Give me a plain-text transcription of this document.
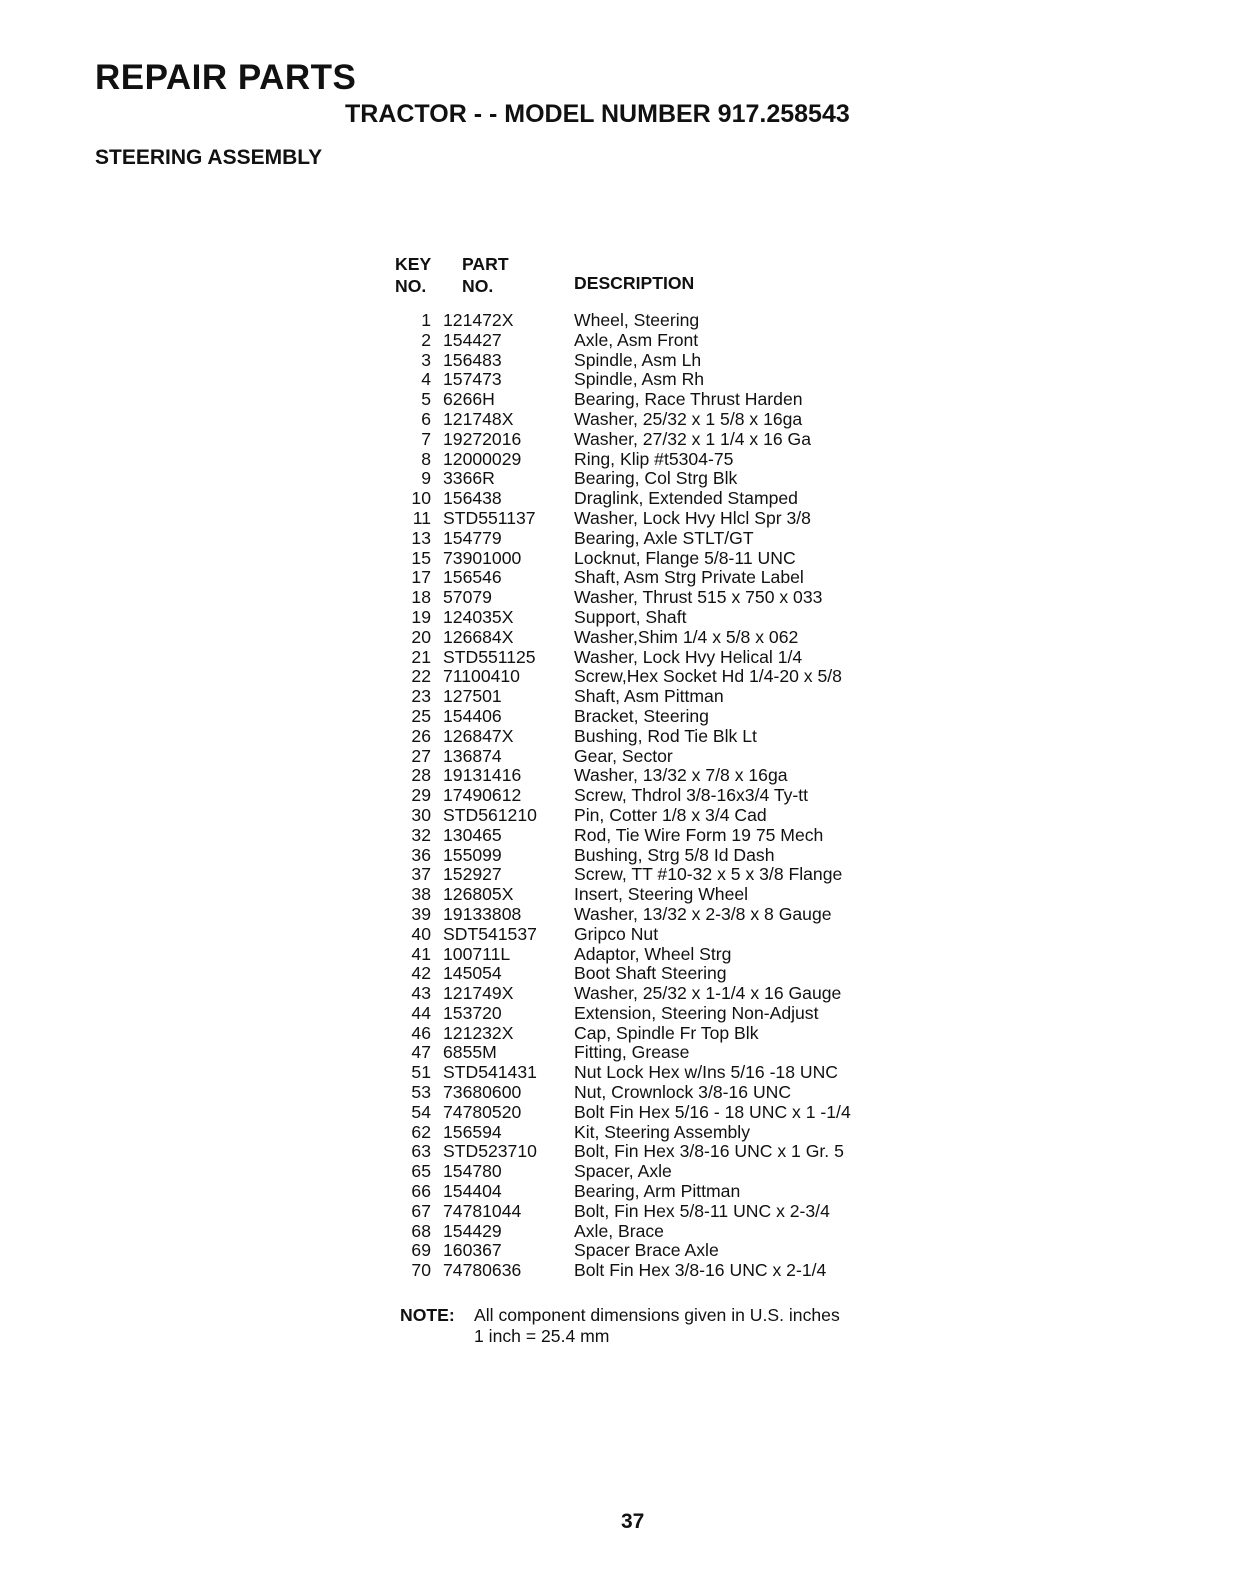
REPAIR PARTS
TRACTOR - - MODEL NUMBER 917.258543
STEERING ASSEMBLY
KEY
NO.
PART
NO.	DESCRIPTION
1 121472X	Wheel, Steering
2 154427	Axle, Asm Front
3 156483	Spindle, Asm Lh
4 157473	Spindle, Asm Rh
5 6266H	Bearing, Race Thrust Harden
6 121748X	Washer, 25/32 x 1 5/8 x 16ga
7 19272016	Washer, 27/32 x 1 1/4 x 16 Ga
8 12000029	Ring, Klip #t5304-75
9 3366R	Bearing, Col Strg Blk
10 156438	Draglink, Extended Stamped
11 STD551137	Washer, Lock Hvy Hlcl Spr 3/8
13 154779	Bearing, Axle STLT/GT
15 73901000	Locknut, Flange 5/8-11 UNC
17 156546	Shaft, Asm Strg Private Label
18 57079	Washer, Thrust 515 x 750 x 033
19 124035X	Support, Shaft
20 126684X	Washer,Shim 1/4 x 5/8 x 062
21 STD551125	Washer, Lock Hvy Helical 1/4
22 71100410	Screw,Hex Socket Hd 1/4-20 x 5/8
23 127501	Shaft, Asm Pittman
25 154406	Bracket, Steering
26 126847X	Bushing, Rod Tie Blk Lt
27 136874	Gear, Sector
28 19131416	Washer, 13/32 x 7/8 x 16ga
29 17490612	Screw, Thdrol 3/8-16x3/4 Ty-tt
30 STD561210	Pin, Cotter 1/8 x 3/4 Cad
32 130465	Rod, Tie Wire Form 19 75 Mech
36 155099	Bushing, Strg 5/8 Id Dash
37 152927	Screw, TT #10-32 x 5 x 3/8 Flange
38 126805X	Insert, Steering Wheel
39 19133808	Washer, 13/32 x 2-3/8 x 8 Gauge
40 SDT541537	Gripco Nut
41 100711L	Adaptor, Wheel Strg
42 145054	Boot Shaft Steering
43 121749X	Washer, 25/32 x 1-1/4 x 16 Gauge
44 153720	Extension, Steering Non-Adjust
46 121232X	Cap, Spindle Fr Top Blk
47 6855M	Fitting, Grease
51 STD541431	Nut Lock Hex w/Ins 5/16 -18 UNC
53 73680600	Nut, Crownlock 3/8-16 UNC
54 74780520	Bolt Fin Hex 5/16 - 18 UNC x 1 -1/4
62 156594	Kit, Steering Assembly
63 STD523710	Bolt, Fin Hex 3/8-16 UNC x 1 Gr. 5
65 154780	Spacer, Axle
66 154404	Bearing, Arm Pittman
67 74781044	Bolt, Fin Hex 5/8-11 UNC x 2-3/4
68 154429	Axle, Brace
69 160367	Spacer Brace Axle
70 74780636	Bolt Fin Hex 3/8-16 UNC x 2-1/4
NOTE:	All component dimensions given in U.S. inches
1 inch = 25.4 mm
37
